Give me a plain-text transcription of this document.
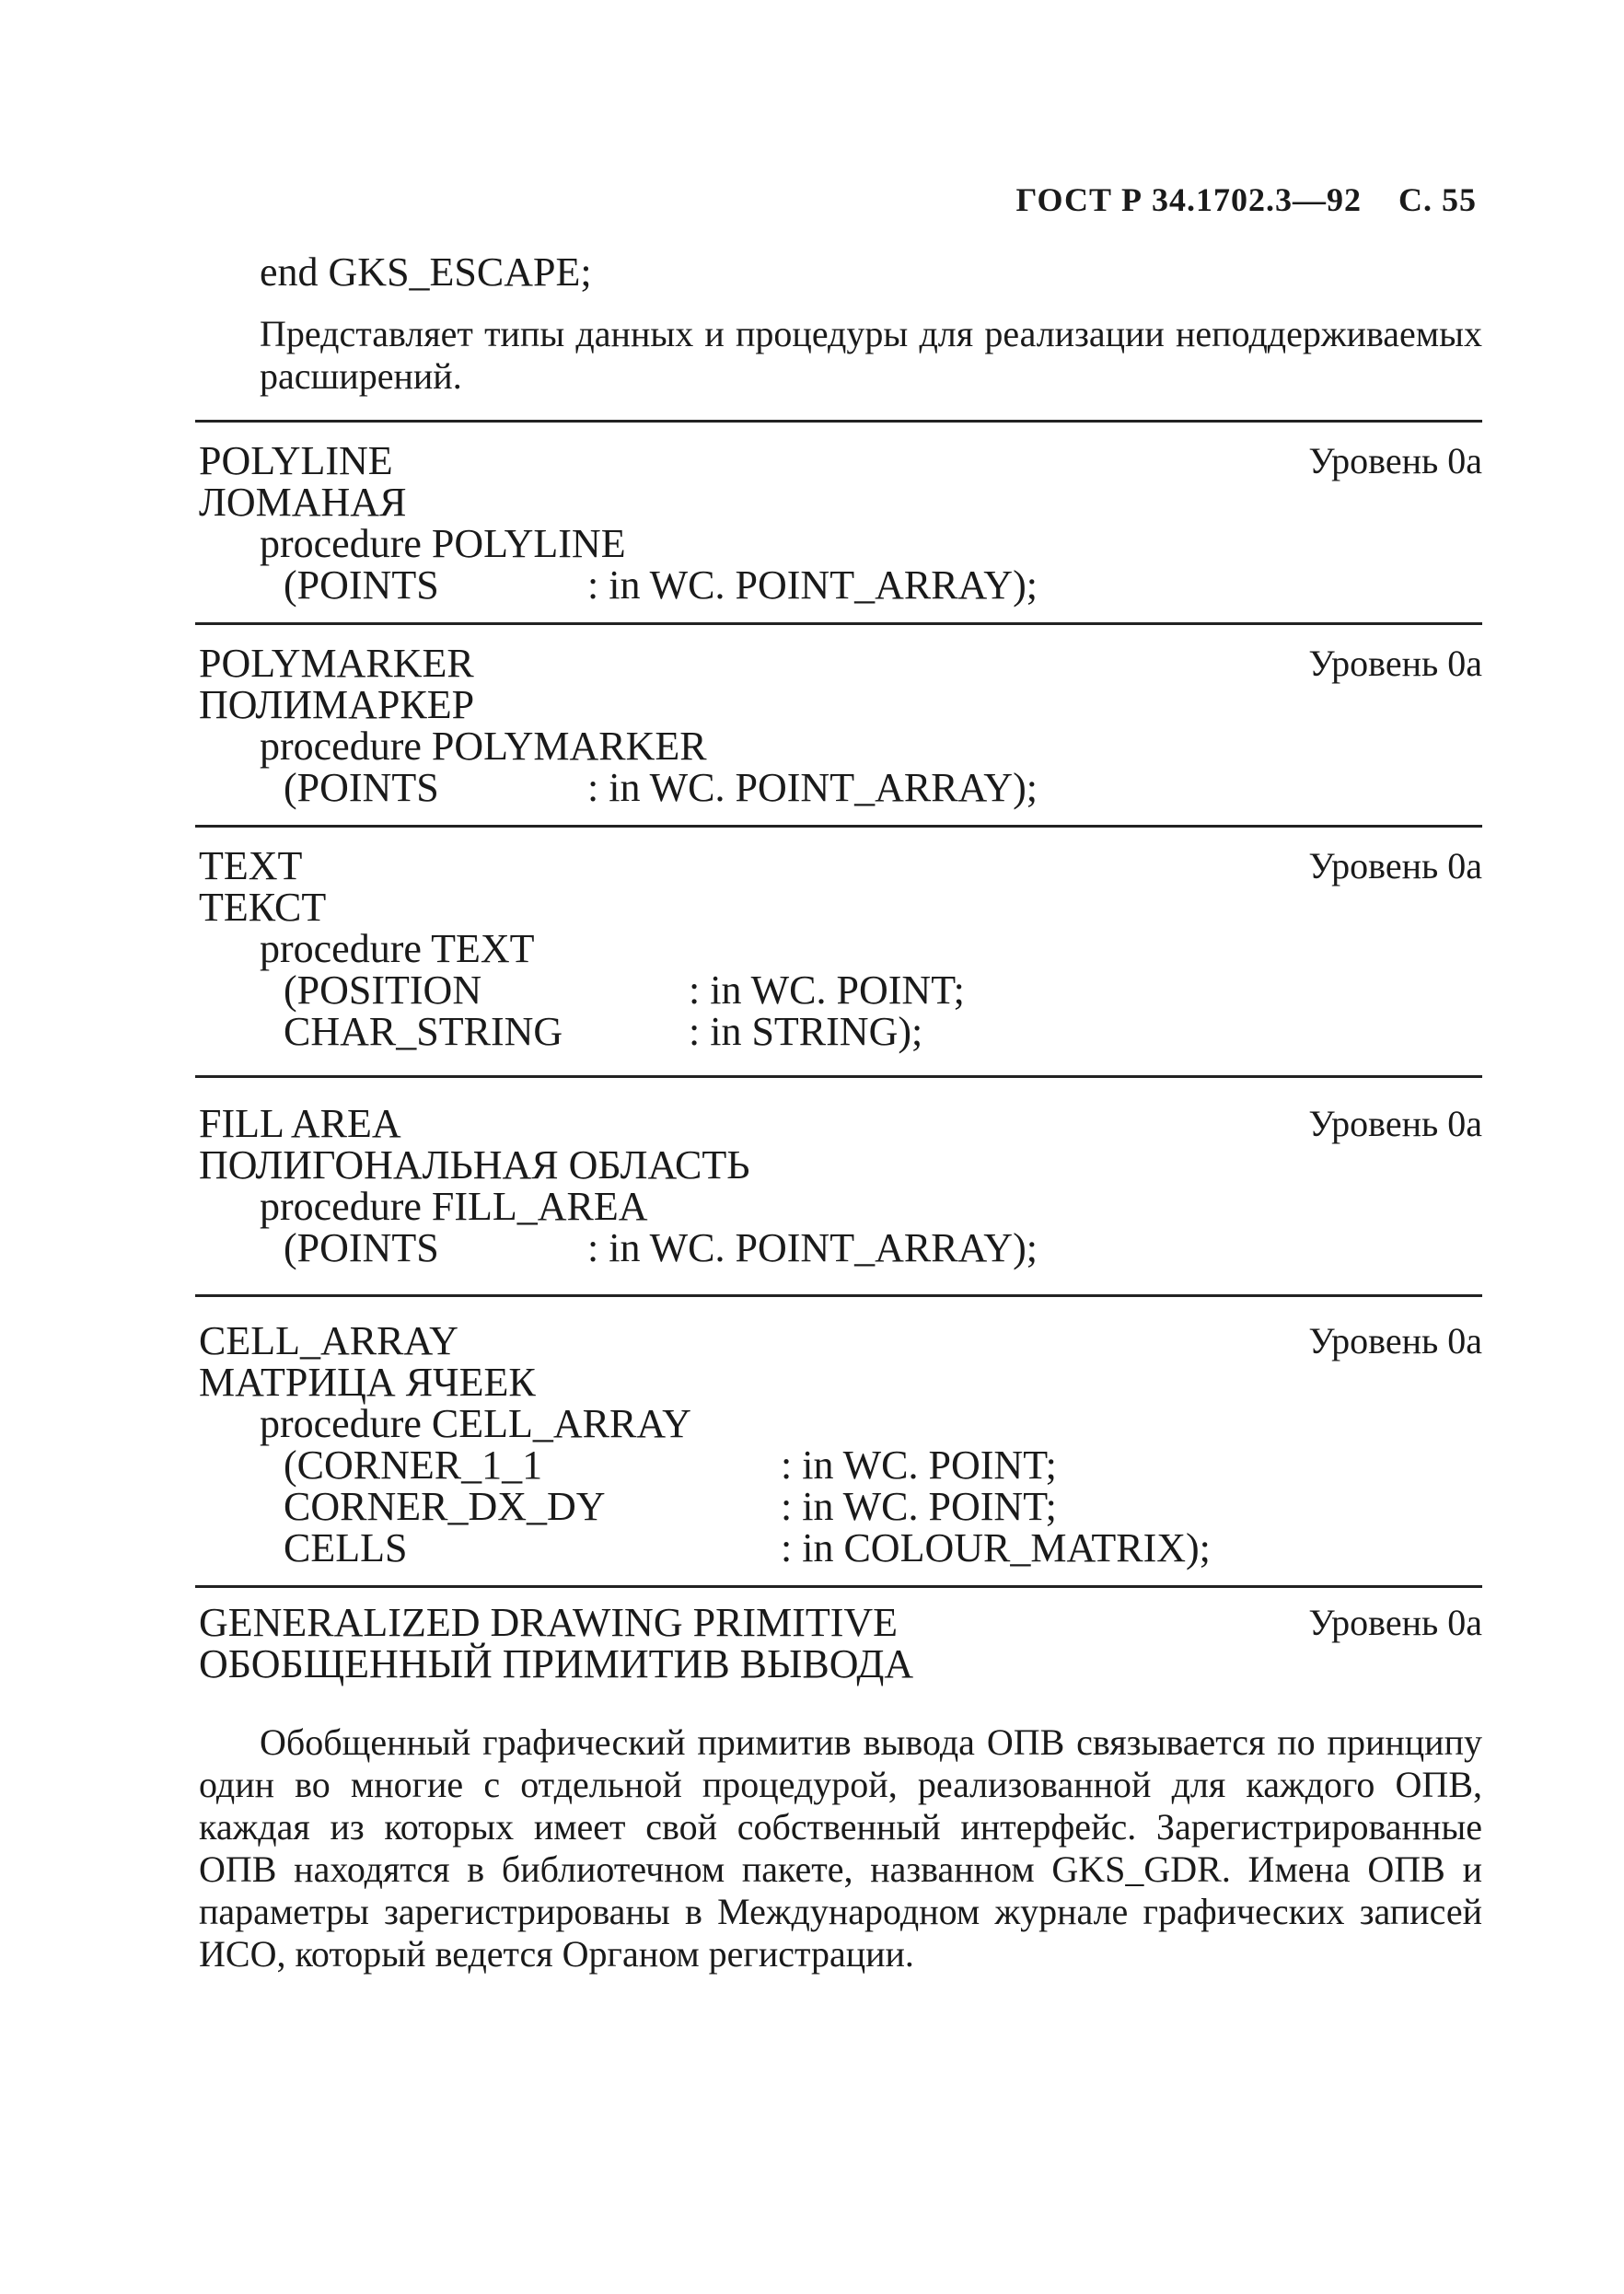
ГОСТ Р 34.1702.3—92 С. 55
end GKS_ESCAPE;
Представляет типы данных и процедуры для реализации неподдерживаемых расширений.
Уровень 0a
POLYLINE
ЛОМАНАЯ
procedure POLYLINE
(POINTS	: in WC. POINT_ARRAY);
Уровень 0a
POLYMARKER
ПОЛИМАРКЕР
procedure POLYMARKER
(POINTS	: in WC. POINT_ARRAY);
Уровень 0a
TEXT
ТЕКСТ
procedure TEXT
(POSITION	: in WC. POINT;
CHAR_STRING	: in STRING);
Уровень 0a
FILL AREA
ПОЛИГОНАЛЬНАЯ ОБЛАСТЬ
procedure FILL_AREA
(POINTS	: in WC. POINT_ARRAY);
Уровень 0a
CELL_ARRAY
МАТРИЦА ЯЧЕЕК
procedure CELL_ARRAY
(CORNER_1_1	: in WC. POINT;
CORNER_DX_DY	: in WC. POINT;
CELLS	: in COLOUR_MATRIX);
Уровень 0a
GENERALIZED DRAWING PRIMITIVE
ОБОБЩЕННЫЙ ПРИМИТИВ ВЫВОДА
Обобщенный графический примитив вывода ОПВ связывается по принципу один во многие с отдельной процедурой, реализованной для каждого ОПВ, каждая из которых имеет свой собственный интерфейс. Зарегистрированные ОПВ находятся в библиотечном пакете, названном GKS_GDR. Имена ОПВ и параметры зарегистрированы в Международном журнале графических записей ИСО, который ведется Органом регистрации.
